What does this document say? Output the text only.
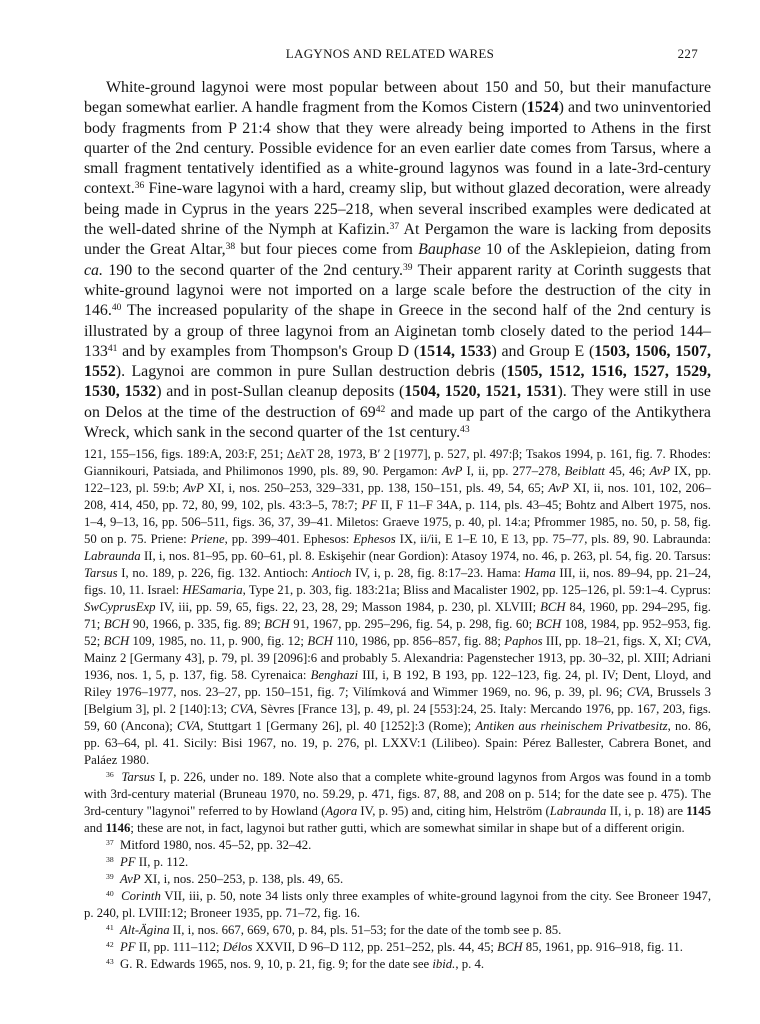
LAGYNOS AND RELATED WARES	227

White-ground lagynoi were most popular between about 150 and 50, but their manufacture began somewhat earlier. A handle fragment from the Komos Cistern (1524) and two uninventoried body fragments from P 21:4 show that they were already being imported to Athens in the first quarter of the 2nd century. Possible evidence for an even earlier date comes from Tarsus, where a small fragment tentatively identified as a white-ground lagynos was found in a late-3rd-century context.$^{36}$ Fine-ware lagynoi with a hard, creamy slip, but without glazed decoration, were already being made in Cyprus in the years 225–218, when several inscribed examples were dedicated at the well-dated shrine of the Nymph at Kafizin.$^{37}$ At Pergamon the ware is lacking from deposits under the Great Altar,$^{38}$ but four pieces come from Bauphase 10 of the Asklepieion, dating from ca. 190 to the second quarter of the 2nd century.$^{39}$ Their apparent rarity at Corinth suggests that white-ground lagynoi were not imported on a large scale before the destruction of the city in 146.40 The increased popularity of the shape in Greece in the second half of the 2nd century is illustrated by a group of three lagynoi from an Aiginetan tomb closely dated to the period $144-133^{41}$ and by examples from Thompson's Group D (1514, 1533) and Group E (1503, 1506, 1507, 1552). Lagynoi are common in pure Sullan destruction debris (1505, 1512, 1516, 1527, 1529, 1530, 1532) and in post-Sullan cleanup deposits (1504, 1520, 1521, 1531). They were still in use on Delos at the time of the destruction of $69^{42}$ and made up part of the cargo of the Antikythera Wreck, which sank in the second quarter of the 1st century.$^{43}$

121, 155–156, figs. 189:A, 203:F, 251; ΔελΤ 28, 1973, B′ 2 [1977], p. 527, pl. 497:β; Tsakos 1994, p. 161, fig. 7. Rhodes: Giannikouri, Patsiada, and Philimonos 1990, pls. 89, 90. Pergamon: AvP I, ii, pp. 277–278, Beiblatt 45, 46; AvP IX, pp. 122–123, pl. 59:b; AvP XI, i, nos. 250–253, 329–331, pp. 138, 150–151, pls. 49, 54, 65; AvP XI, ii, nos. 101, 102, 206–208, 414, 450, pp. 72, 80, 99, 102, pls. 43:3–5, 78:7; PF II, F 11–F 34A, p. 114, pls. 43–45; Bohtz and Albert 1975, nos. 1–4, 9–13, 16, pp. 506–511, figs. 36, 37, 39–41. Miletos: Graeve 1975, p. 40, pl. 14:a; Pfrommer 1985, no. 50, p. 58, fig. 50 on p. 75. Priene: Priene, pp. 399–401. Ephesos: Ephesos IX, ii/ii, E 1–E 10, E 13, pp. 75–77, pls. 89, 90. Labraunda: Labraunda II, i, nos. 81–95, pp. 60–61, pl. 8. Eskişehir (near Gordion): Atasoy 1974, no. 46, p. 263, pl. 54, fig. 20. Tarsus: Tarsus I, no. 189, p. 226, fig. 132. Antioch: Antioch IV, i, p. 28, fig. 8:17–23. Hama: Hama III, ii, nos. 89–94, pp. 21–24, figs. 10, 11. Israel: HESamaria, Type 21, p. 303, fig. 183:21a; Bliss and Macalister 1902, pp. 125–126, pl. 59:1–4. Cyprus: SwCyprusExp IV, iii, pp. 59, 65, figs. 22, 23, 28, 29; Masson 1984, p. 230, pl. XLVIII; BCH 84, 1960, pp. 294–295, fig. 71; BCH 90, 1966, p. 335, fig. 89; BCH 91, 1967, pp. 295–296, fig. 54, p. 298, fig. 60; BCH 108, 1984, pp. 952–953, fig. 52; BCH 109, 1985, no. 11, p. 900, fig. 12; BCH 110, 1986, pp. 856–857, fig. 88; Paphos III, pp. 18–21, figs. X, XI; CVA, Mainz 2 [Germany 43], p. 79, pl. 39 [2096]:6 and probably 5. Alexandria: Pagenstecher 1913, pp. 30–32, pl. XIII; Adriani 1936, nos. 1, 5, p. 137, fig. 58. Cyrenaica: Benghazi III, i, B 192, B 193, pp. 122–123, fig. 24, pl. IV; Dent, Lloyd, and Riley 1976–1977, nos. 23–27, pp. 150–151, fig. 7; Vilímková and Wimmer 1969, no. 96, p. 39, pl. 96; CVA, Brussels 3 [Belgium 3], pl. 2 [140]:13; CVA, Sèvres [France 13], p. 49, pl. 24 [553]:24, 25. Italy: Mercando 1976, pp. 167, 203, figs. 59, 60 (Ancona); CVA, Stuttgart 1 [Germany 26], pl. 40 [1252]:3 (Rome); Antiken aus rheinischem Privatbesitz, no. 86, pp. 63–64, pl. 41. Sicily: Bisi 1967, no. 19, p. 276, pl. LXXV:1 (Lilibeo). Spain: Pérez Ballester, Cabrera Bonet, and Paláez 1980.

$^{36}$ Tarsus I, p. 226, under no. 189. Note also that a complete white-ground lagynos from Argos was found in a tomb with 3rd-century material (Bruneau 1970, no. 59.29, p. 471, figs. 87, 88, and 208 on p. 514; for the date see p. 475). The 3rd-century "lagynoi" referred to by Howland (Agora IV, p. 95) and, citing him, Helström (Labraunda II, i, p. 18) are 1145 and 1146; these are not, in fact, lagynoi but rather gutti, which are somewhat similar in shape but of a different origin.

$^{37}$ Mitford 1980, nos. 45–52, pp. 32–42.

$^{38}$ PF II, p. 112.

$^{39}$ AvP XI, i, nos. 250–253, p. 138, pls. 49, 65.

$^{40}$ Corinth VII, iii, p. 50, note 34 lists only three examples of white-ground lagynoi from the city. See Broneer 1947, p. 240, pl. LVIII:12; Broneer 1935, pp. 71–72, fig. 16.

$^{41}$ Alt-Ägina II, i, nos. 667, 669, 670, p. 84, pls. 51–53; for the date of the tomb see p. 85.

$^{42}$ PF II, pp. 111–112; Délos XXVII, D 96–D 112, pp. 251–252, pls. 44, 45; BCH 85, 1961, pp. 916–918, fig. 11.

$^{43}$ G. R. Edwards 1965, nos. 9, 10, p. 21, fig. 9; for the date see ibid., p. 4.
